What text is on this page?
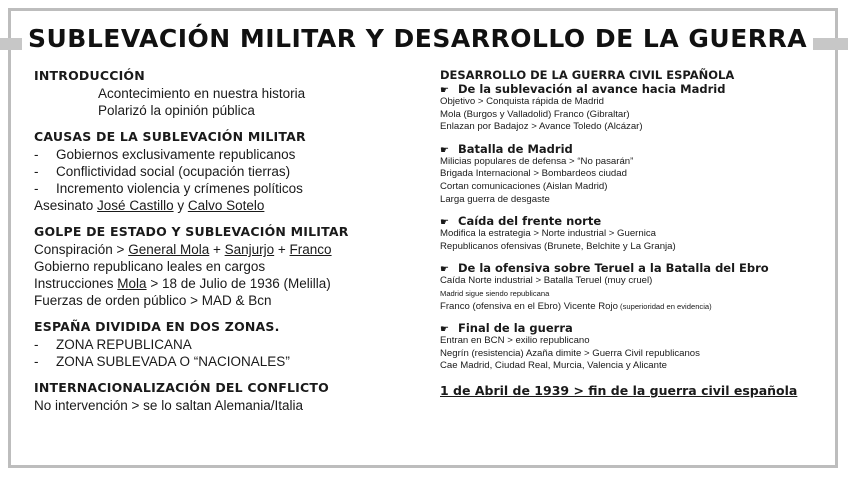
SUBLEVACIÓN MILITAR Y DESARROLLO DE LA GUERRA
INTRODUCCIÓN
Acontecimiento en nuestra historia
Polarizó la opinión pública
CAUSAS DE LA SUBLEVACIÓN MILITAR
- Gobiernos exclusivamente republicanos
- Conflictividad social (ocupación tierras)
- Incremento violencia y crímenes políticos
Asesinato José Castillo y Calvo Sotelo
GOLPE DE ESTADO Y SUBLEVACIÓN MILITAR
Conspiración > General Mola + Sanjurjo + Franco
Gobierno republicano leales en cargos
Instrucciones Mola > 18 de Julio de 1936 (Melilla)
Fuerzas de orden público > MAD & Bcn
ESPAÑA DIVIDIDA EN DOS ZONAS.
- ZONA REPUBLICANA
- ZONA SUBLEVADA O “NACIONALES”
INTERNACIONALIZACIÓN DEL CONFLICTO
No intervención > se lo saltan Alemania/Italia
DESARROLLO DE LA GUERRA CIVIL ESPAÑOLA
☛ De la sublevación al avance hacia Madrid
Objetivo > Conquista rápida de Madrid
Mola (Burgos y Valladolid) Franco (Gibraltar)
Enlazan por Badajoz > Avance Toledo (Alcázar)
☛ Batalla de Madrid
Milicias populares de defensa > “No pasarán”
Brigada Internacional > Bombardeos ciudad
Cortan comunicaciones (Aislan Madrid)
Larga guerra de desgaste
☛ Caída del frente norte
Modifica la estrategia > Norte industrial > Guernica
Republicanos ofensivas (Brunete, Belchite y La Granja)
☛ De la ofensiva sobre Teruel a la Batalla del Ebro
Caída Norte industrial > Batalla Teruel (muy cruel)
Madrid sigue siendo republicana
Franco (ofensiva en el Ebro) Vicente Rojo (superioridad en evidencia)
☛ Final de la guerra
Entran en BCN > exilio republicano
Negrín (resistencia) Azaña dimite > Guerra Civil republicanos
Cae Madrid, Ciudad Real, Murcia, Valencia y Alicante
1 de Abril de 1939 > fin de la guerra civil española
